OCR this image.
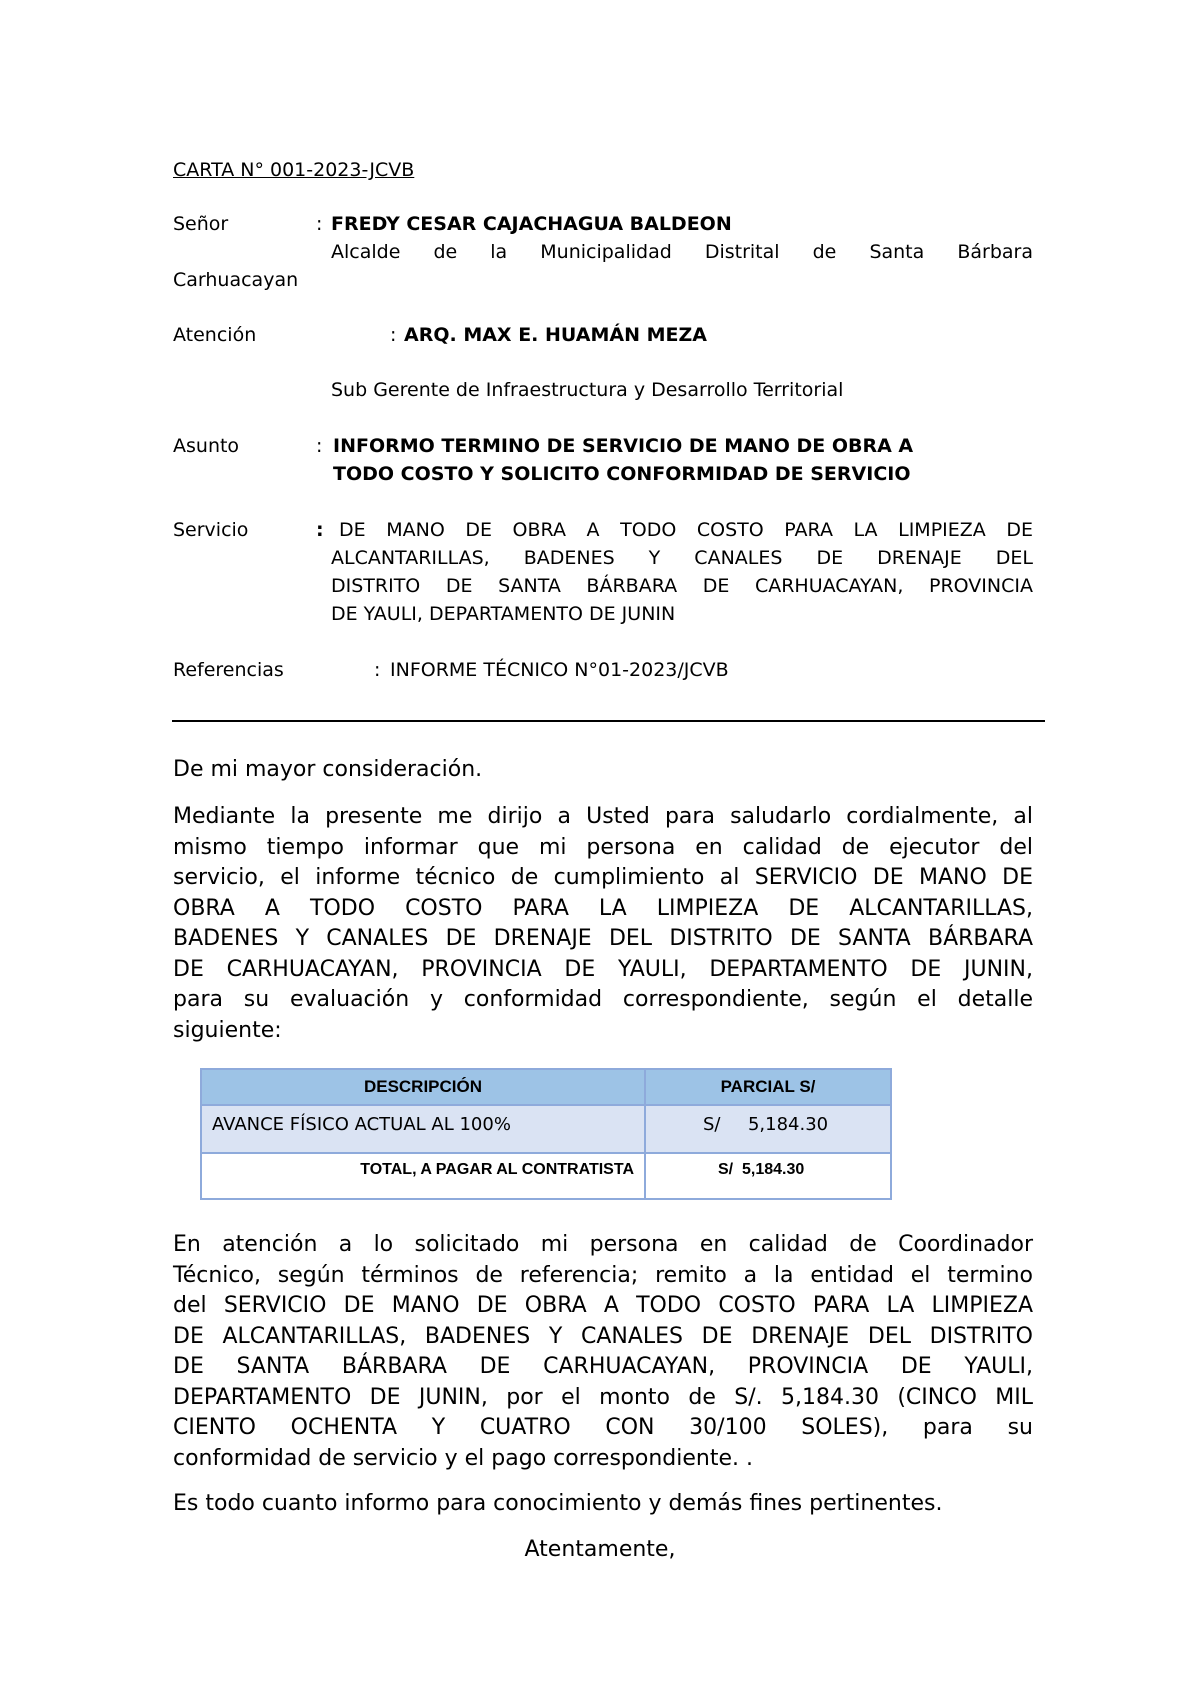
CARTA N° 001-2023-JCVB
Señor	: FREDY CESAR CAJACHAGUA BALDEON
Alcalde de la Municipalidad Distrital de Santa Bárbara
Carhuacayan
Atención	: ARQ. MAX E. HUAMÁN MEZA
Sub Gerente de Infraestructura y Desarrollo Territorial
Asunto	: INFORMO TERMINO DE SERVICIO DE MANO DE OBRA A
TODO COSTO Y SOLICITO CONFORMIDAD DE SERVICIO
Servicio	: DE MANO DE OBRA A TODO COSTO PARA LA LIMPIEZA DE
ALCANTARILLAS, BADENES Y CANALES DE DRENAJE DEL
DISTRITO DE SANTA BÁRBARA DE CARHUACAYAN, PROVINCIA
DE YAULI, DEPARTAMENTO DE JUNIN
Referencias	: INFORME TÉCNICO N°01-2023/JCVB
De mi mayor consideración.
Mediante la presente me dirijo a Usted para saludarlo cordialmente, al
mismo tiempo informar que mi persona en calidad de ejecutor del
servicio, el informe técnico de cumplimiento al SERVICIO DE MANO DE
OBRA A TODO COSTO PARA LA LIMPIEZA DE ALCANTARILLAS,
BADENES Y CANALES DE DRENAJE DEL DISTRITO DE SANTA BÁRBARA
DE CARHUACAYAN, PROVINCIA DE YAULI, DEPARTAMENTO DE JUNIN,
para su evaluación y conformidad correspondiente, según el detalle
siguiente:
DESCRIPCIÓN	PARCIAL S/

AVANCE FÍSICO ACTUAL AL 100%	S/ 5,184.30

TOTAL, A PAGAR AL CONTRATISTA	S/  5,184.30
En atención a lo solicitado mi persona en calidad de Coordinador
Técnico, según términos de referencia; remito a la entidad el termino
del SERVICIO DE MANO DE OBRA A TODO COSTO PARA LA LIMPIEZA
DE ALCANTARILLAS, BADENES Y CANALES DE DRENAJE DEL DISTRITO
DE SANTA BÁRBARA DE CARHUACAYAN, PROVINCIA DE YAULI,
DEPARTAMENTO DE JUNIN, por el monto de S/. 5,184.30 (CINCO MIL
CIENTO OCHENTA Y CUATRO CON 30/100 SOLES), para su
conformidad de servicio y el pago correspondiente. .
Es todo cuanto informo para conocimiento y demás fines pertinentes.
Atentamente,
